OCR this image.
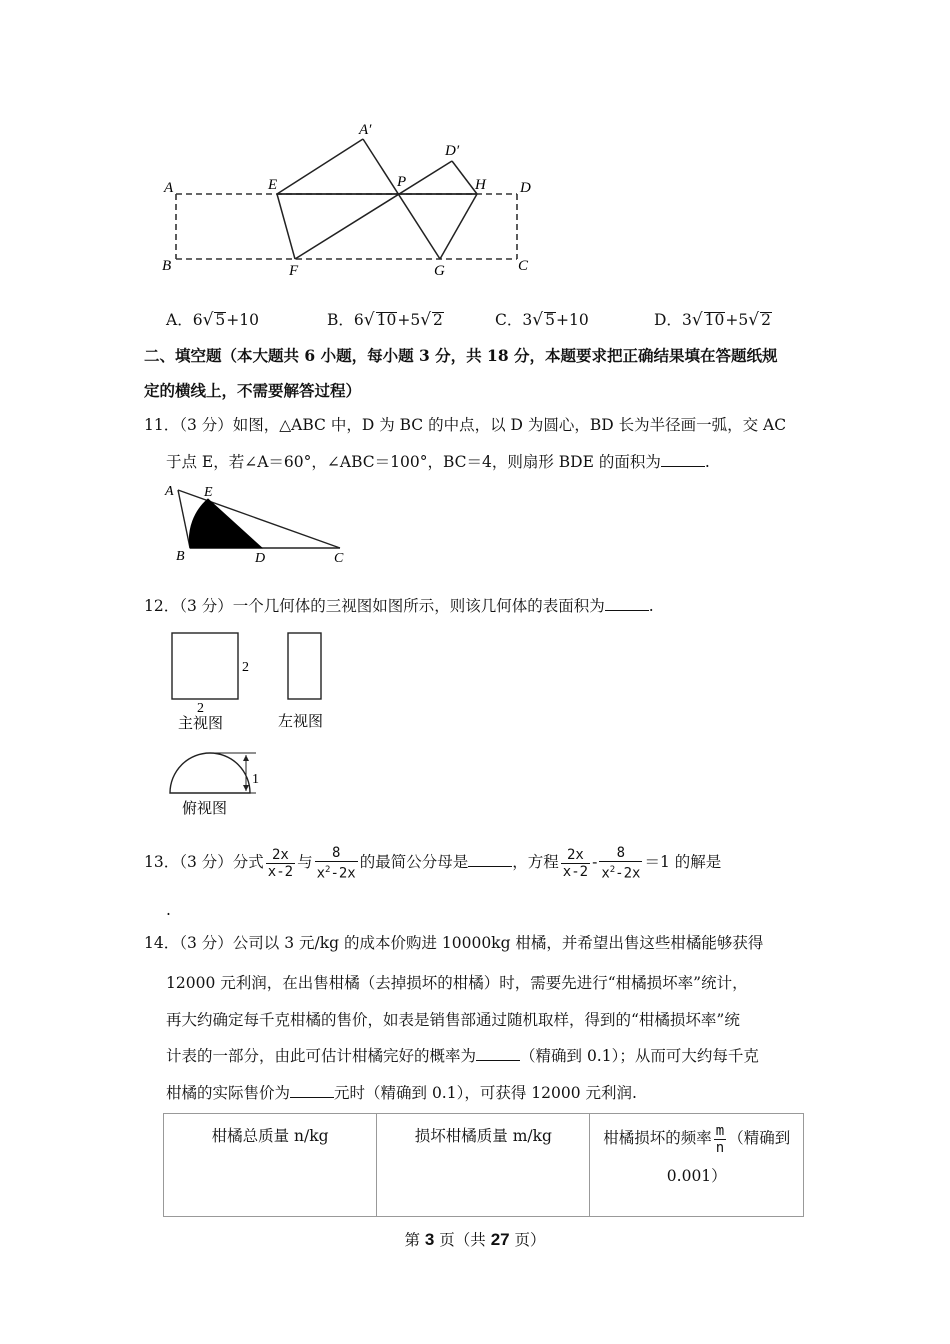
A
B	C
D
E
F	G
H
P
A′
D′
A．6√ 5+10	B．6√ 10+5√ 2	C．3√ 5+10	D．3√ 10+5√ 2
二、填空题（本大题共 6 小题，每小题 3 分，共 18 分，本题要求把正确结果填在答题纸规
定的横线上，不需要解答过程）
11．（3 分）如图，△ABC 中，D 为 BC 的中点，以 D 为圆心，BD 长为半径画一弧，交 AC
于点 E，若∠A＝60°，∠ABC＝100°，BC＝4，则扇形 BDE 的面积为	.
A E
B	D	C
12．（3 分）一个几何体的三视图如图所示，则该几何体的表面积为	.
2
2
1
主视图	左视图
俯视图
13．（3 分）分式 $\frac{2x}{x-2}$ 与 $\frac{8}{x^2-2x}$ 的最简公分母是	，方程 $\frac{2x}{x-2} - \frac{8}{x^2-2x} =1$ 的解是
.
14．（3 分）公司以 3 元/kg 的成本价购进 10000kg 柑橘，并希望出售这些柑橘能够获得
12000 元利润，在出售柑橘（去掉损坏的柑橘）时，需要先进行“柑橘损坏率”统计，
再大约确定每千克柑橘的售价，如表是销售部通过随机取样，得到的“柑橘损坏率”统
计表的一部分，由此可估计柑橘完好的概率为	（精确到 0.1）；从而可大约每千克
柑橘的实际售价为	元时（精确到 0.1），可获得 12000 元利润.
柑橘总质量 n/kg	损坏柑橘质量 m/kg	柑橘损坏的频率 $\frac{m}{n}$ （精确到
0.001）
第 3 页（共 27 页）
